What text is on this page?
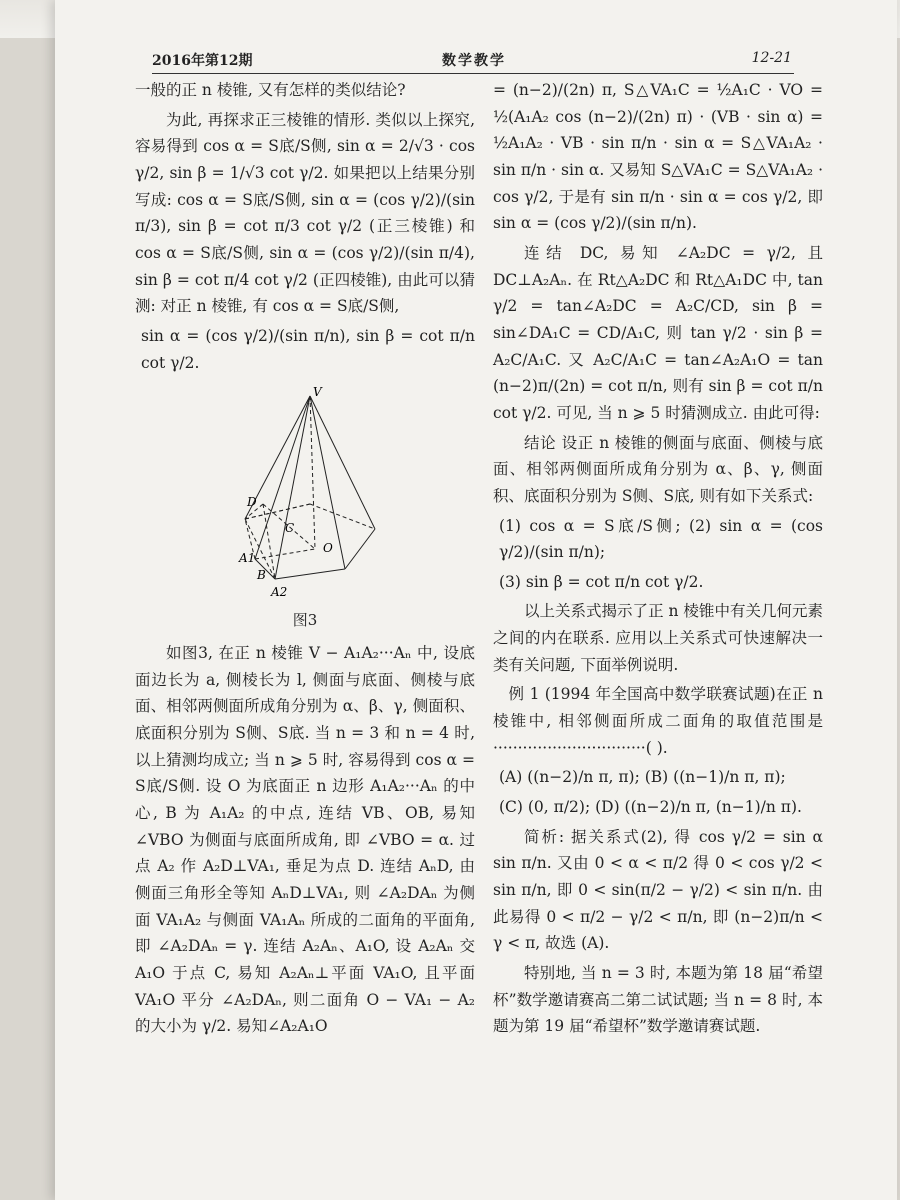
2016年第12期	数学教学	12-21

一般的正 n 棱锥, 又有怎样的类似结论?

为此, 再探求正三棱锥的情形. 类似以上探究, 容易得到 cos α = S底/S侧, sin α = 2/√3 · cos γ/2, sin β = 1/√3 cot γ/2. 如果把以上结果分别写成: cos α = S底/S侧, sin α = (cos γ/2)/(sin π/3), sin β = cot π/3 cot γ/2 (正三棱锥) 和 cos α = S底/S侧, sin α = (cos γ/2)/(sin π/4), sin β = cot π/4 cot γ/2 (正四棱锥), 由此可以猜测: 对正 n 棱锥, 有 cos α = S底/S侧,

sin α = (cos γ/2)/(sin π/n), sin β = cot π/n cot γ/2.

V
D
A1
B
A2
O
C
图3

如图3, 在正 n 棱锥 V − A₁A₂···Aₙ 中, 设底面边长为 a, 侧棱长为 l, 侧面与底面、侧棱与底面、相邻两侧面所成角分别为 α、β、γ, 侧面积、底面积分别为 S侧、S底. 当 n = 3 和 n = 4 时, 以上猜测均成立; 当 n ⩾ 5 时, 容易得到 cos α = S底/S侧. 设 O 为底面正 n 边形 A₁A₂···Aₙ 的中心, B 为 A₁A₂ 的中点, 连结 VB、OB, 易知 ∠VBO 为侧面与底面所成角, 即 ∠VBO = α. 过点 A₂ 作 A₂D⊥VA₁, 垂足为点 D. 连结 AₙD, 由侧面三角形全等知 AₙD⊥VA₁, 则 ∠A₂DAₙ 为侧面 VA₁A₂ 与侧面 VA₁Aₙ 所成的二面角的平面角, 即 ∠A₂DAₙ = γ. 连结 A₂Aₙ、A₁O, 设 A₂Aₙ 交 A₁O 于点 C, 易知 A₂Aₙ⊥平面 VA₁O, 且平面 VA₁O 平分 ∠A₂DAₙ, 则二面角 O − VA₁ − A₂ 的大小为 γ/2. 易知∠A₂A₁O

= (n−2)/(2n) π, S△VA₁C = ½A₁C · VO = ½(A₁A₂ cos (n−2)/(2n) π) · (VB · sin α) = ½A₁A₂ · VB · sin π/n · sin α = S△VA₁A₂ · sin π/n · sin α. 又易知 S△VA₁C = S△VA₁A₂ · cos γ/2, 于是有 sin π/n · sin α = cos γ/2, 即 sin α = (cos γ/2)/(sin π/n).

连结 DC, 易知 ∠A₂DC = γ/2, 且 DC⊥A₂Aₙ. 在 Rt△A₂DC 和 Rt△A₁DC 中, tan γ/2 = tan∠A₂DC = A₂C/CD, sin β = sin∠DA₁C = CD/A₁C, 则 tan γ/2 · sin β = A₂C/A₁C. 又 A₂C/A₁C = tan∠A₂A₁O = tan (n−2)π/(2n) = cot π/n, 则有 sin β = cot π/n cot γ/2. 可见, 当 n ⩾ 5 时猜测成立. 由此可得:

结论 设正 n 棱锥的侧面与底面、侧棱与底面、相邻两侧面所成角分别为 α、β、γ, 侧面积、底面积分别为 S侧、S底, 则有如下关系式:

(1) cos α = S底/S侧; (2) sin α = (cos γ/2)/(sin π/n);

(3) sin β = cot π/n cot γ/2.

以上关系式揭示了正 n 棱锥中有关几何元素之间的内在联系. 应用以上关系式可快速解决一类有关问题, 下面举例说明.

例 1 (1994 年全国高中数学联赛试题)在正 n 棱锥中, 相邻侧面所成二面角的取值范围是·······························( ).

(A) ((n−2)/n π, π); (B) ((n−1)/n π, π);

(C) (0, π/2); (D) ((n−2)/n π, (n−1)/n π).

简析: 据关系式(2), 得 cos γ/2 = sin α sin π/n. 又由 0 < α < π/2 得 0 < cos γ/2 < sin π/n, 即 0 < sin(π/2 − γ/2) < sin π/n. 由此易得 0 < π/2 − γ/2 < π/n, 即 (n−2)π/n < γ < π, 故选 (A).

特别地, 当 n = 3 时, 本题为第 18 届“希望杯”数学邀请赛高二第二试试题; 当 n = 8 时, 本题为第 19 届“希望杯”数学邀请赛试题.
